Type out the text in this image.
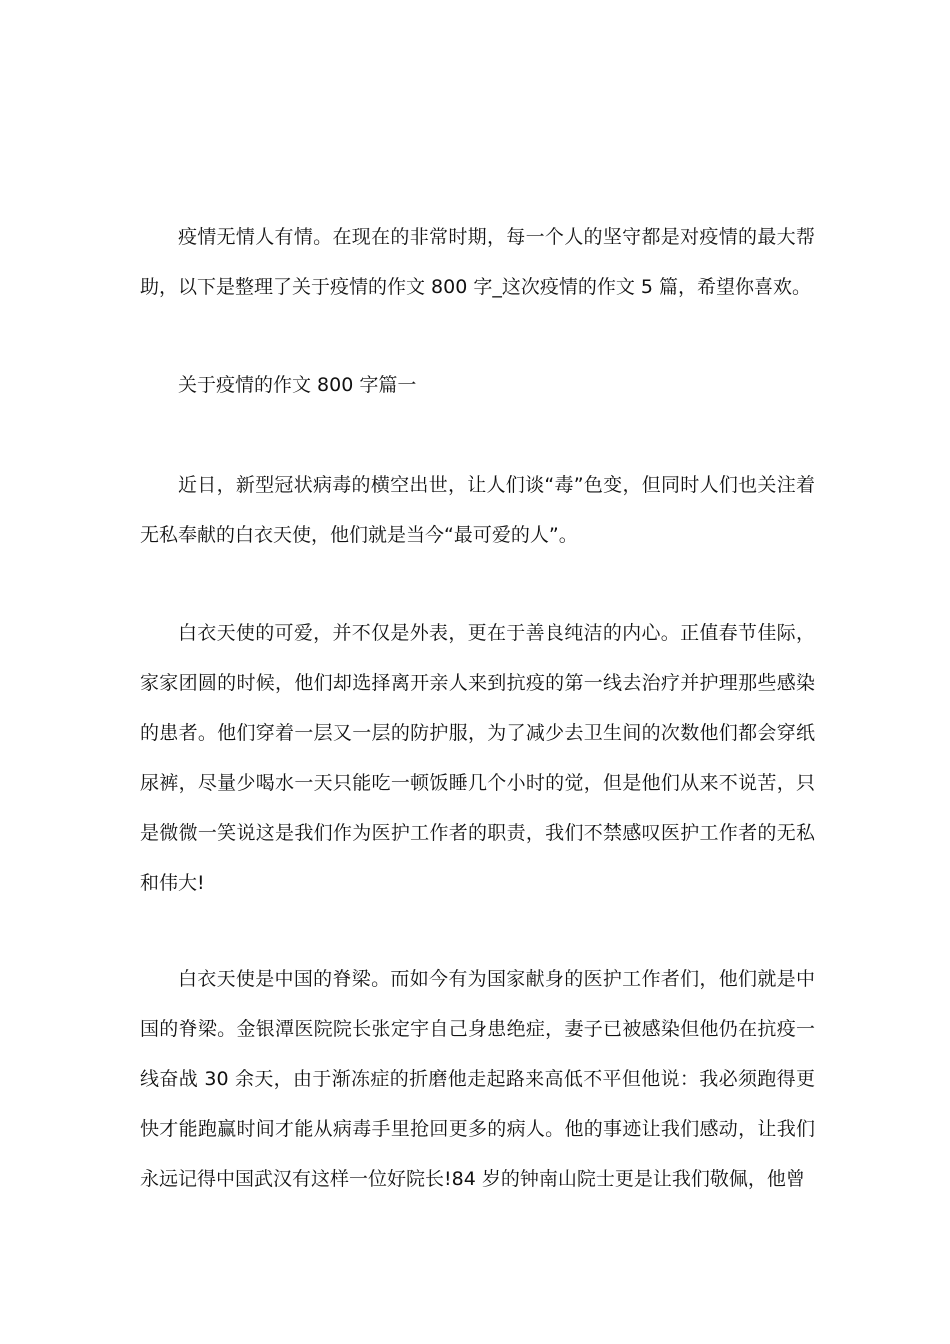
疫情无情人有情。在现在的非常时期，每一个人的坚守都是对疫情的最大帮助，以下是整理了关于疫情的作文 800 字_这次疫情的作文 5 篇，希望你喜欢。

关于疫情的作文 800 字篇一

近日，新型冠状病毒的横空出世，让人们谈“毒”色变，但同时人们也关注着无私奉献的白衣天使，他们就是当今“最可爱的人”。

白衣天使的可爱，并不仅是外表，更在于善良纯洁的内心。正值春节佳际，家家团圆的时候，他们却选择离开亲人来到抗疫的第一线去治疗并护理那些感染的患者。他们穿着一层又一层的防护服，为了减少去卫生间的次数他们都会穿纸尿裤，尽量少喝水一天只能吃一顿饭睡几个小时的觉，但是他们从来不说苦，只是微微一笑说这是我们作为医护工作者的职责，我们不禁感叹医护工作者的无私和伟大!

白衣天使是中国的脊梁。而如今有为国家献身的医护工作者们，他们就是中国的脊梁。金银潭医院院长张定宇自己身患绝症，妻子已被感染但他仍在抗疫一线奋战 30 余天，由于渐冻症的折磨他走起路来高低不平但他说：我必须跑得更快才能跑赢时间才能从病毒手里抢回更多的病人。他的事迹让我们感动，让我们永远记得中国武汉有这样一位好院长!84 岁的钟南山院士更是让我们敬佩，他曾
